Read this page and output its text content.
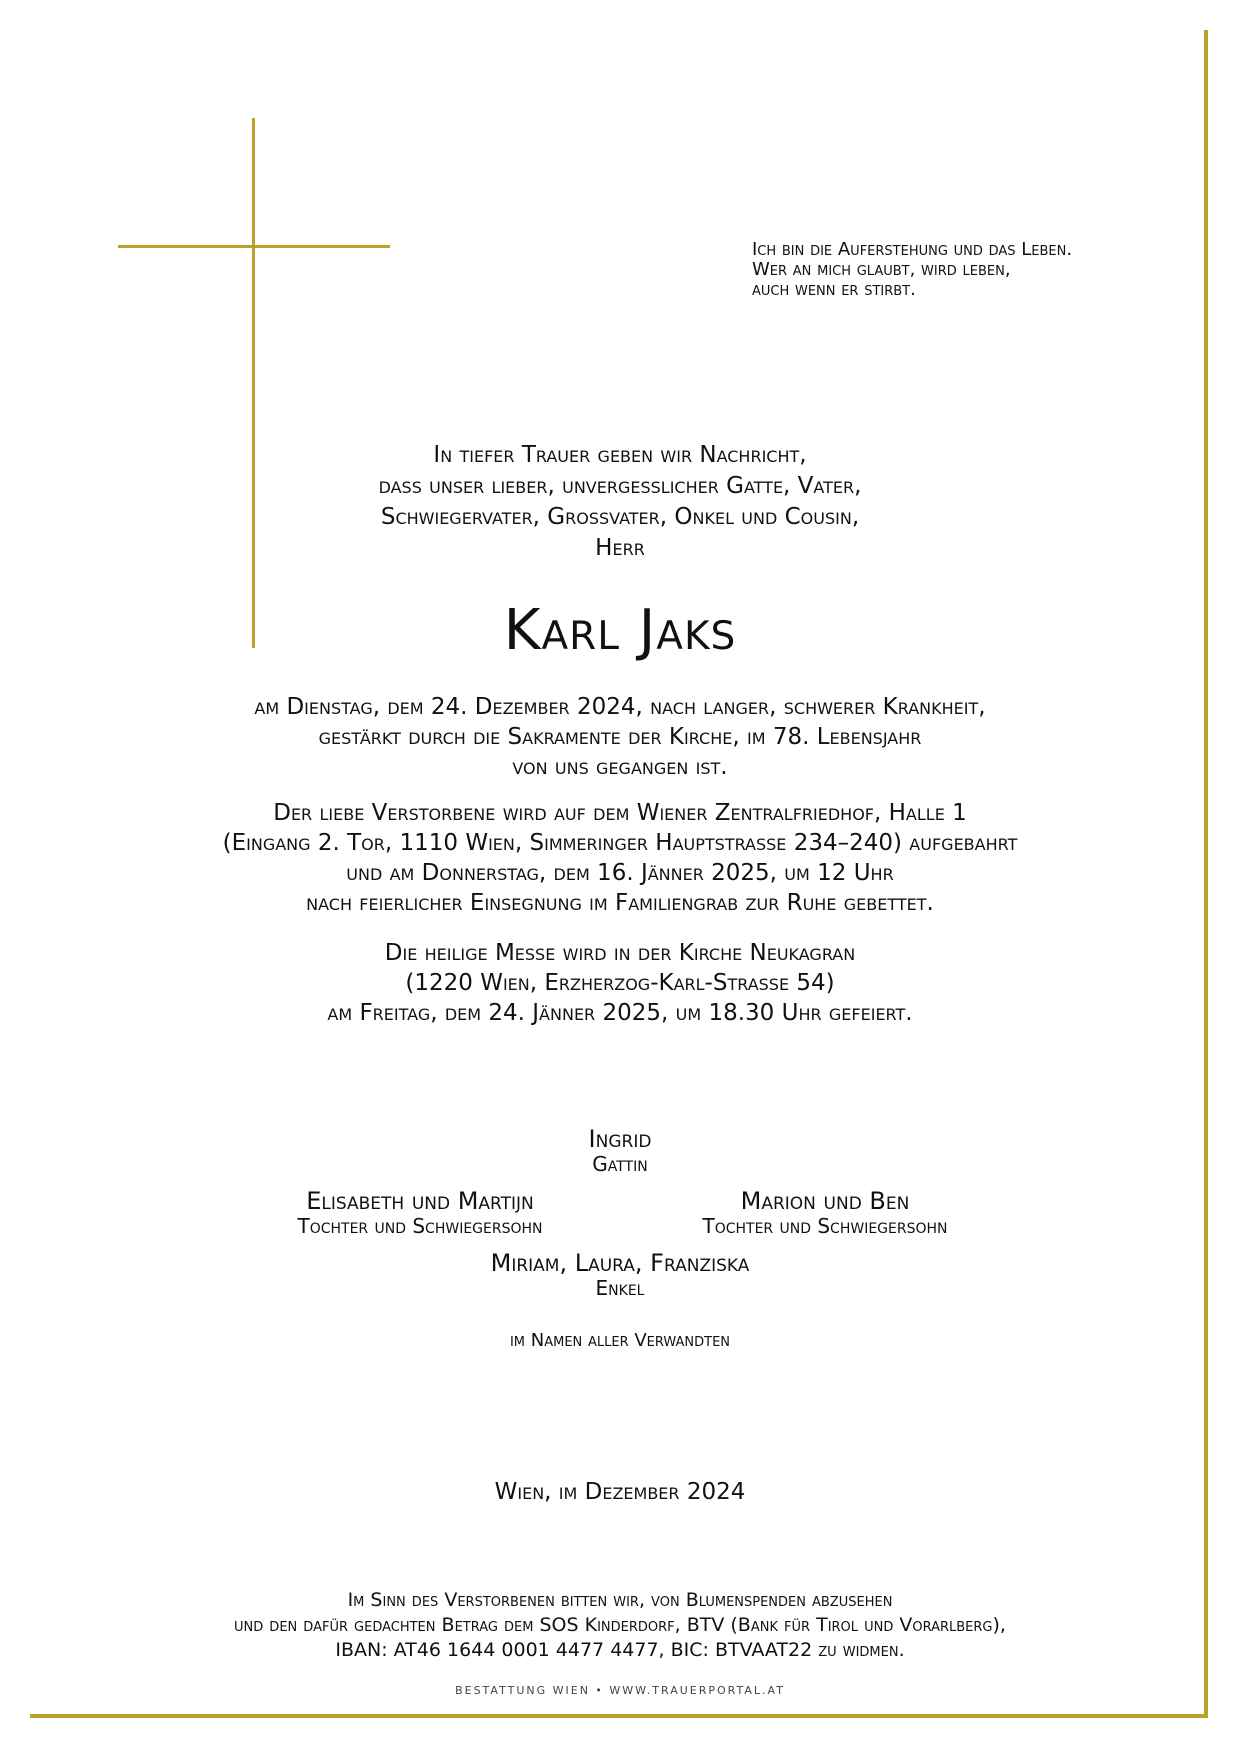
Ich bin die Auferstehung und das Leben.
Wer an mich glaubt, wird leben,
auch wenn er stirbt.
In tiefer Trauer geben wir Nachricht,
dass unser lieber, unvergesslicher Gatte, Vater,
Schwiegervater, Grossvater, Onkel und Cousin,
Herr
Karl Jaks
am Dienstag, dem 24. Dezember 2024, nach langer, schwerer Krankheit,
gestärkt durch die Sakramente der Kirche, im 78. Lebensjahr
von uns gegangen ist.
Der liebe Verstorbene wird auf dem Wiener Zentralfriedhof, Halle 1
(Eingang 2. Tor, 1110 Wien, Simmeringer Hauptstrasse 234–240) aufgebahrt
und am Donnerstag, dem 16. Jänner 2025, um 12 Uhr
nach feierlicher Einsegnung im Familiengrab zur Ruhe gebettet.
Die heilige Messe wird in der Kirche Neukagran
(1220 Wien, Erzherzog-Karl-Strasse 54)
am Freitag, dem 24. Jänner 2025, um 18.30 Uhr gefeiert.
Ingrid
Gattin
Elisabeth und Martijn
Tochter und Schwiegersohn
Marion und Ben
Tochter und Schwiegersohn
Miriam, Laura, Franziska
Enkel
im Namen aller Verwandten
Wien, im Dezember 2024
Im Sinn des Verstorbenen bitten wir, von Blumenspenden abzusehen
und den dafür gedachten Betrag dem SOS Kinderdorf, BTV (Bank für Tirol und Vorarlberg),
IBAN: AT46 1644 0001 4477 4477, BIC: BTVAAT22 zu widmen.
BESTATTUNG WIEN • WWW.TRAUERPORTAL.AT
